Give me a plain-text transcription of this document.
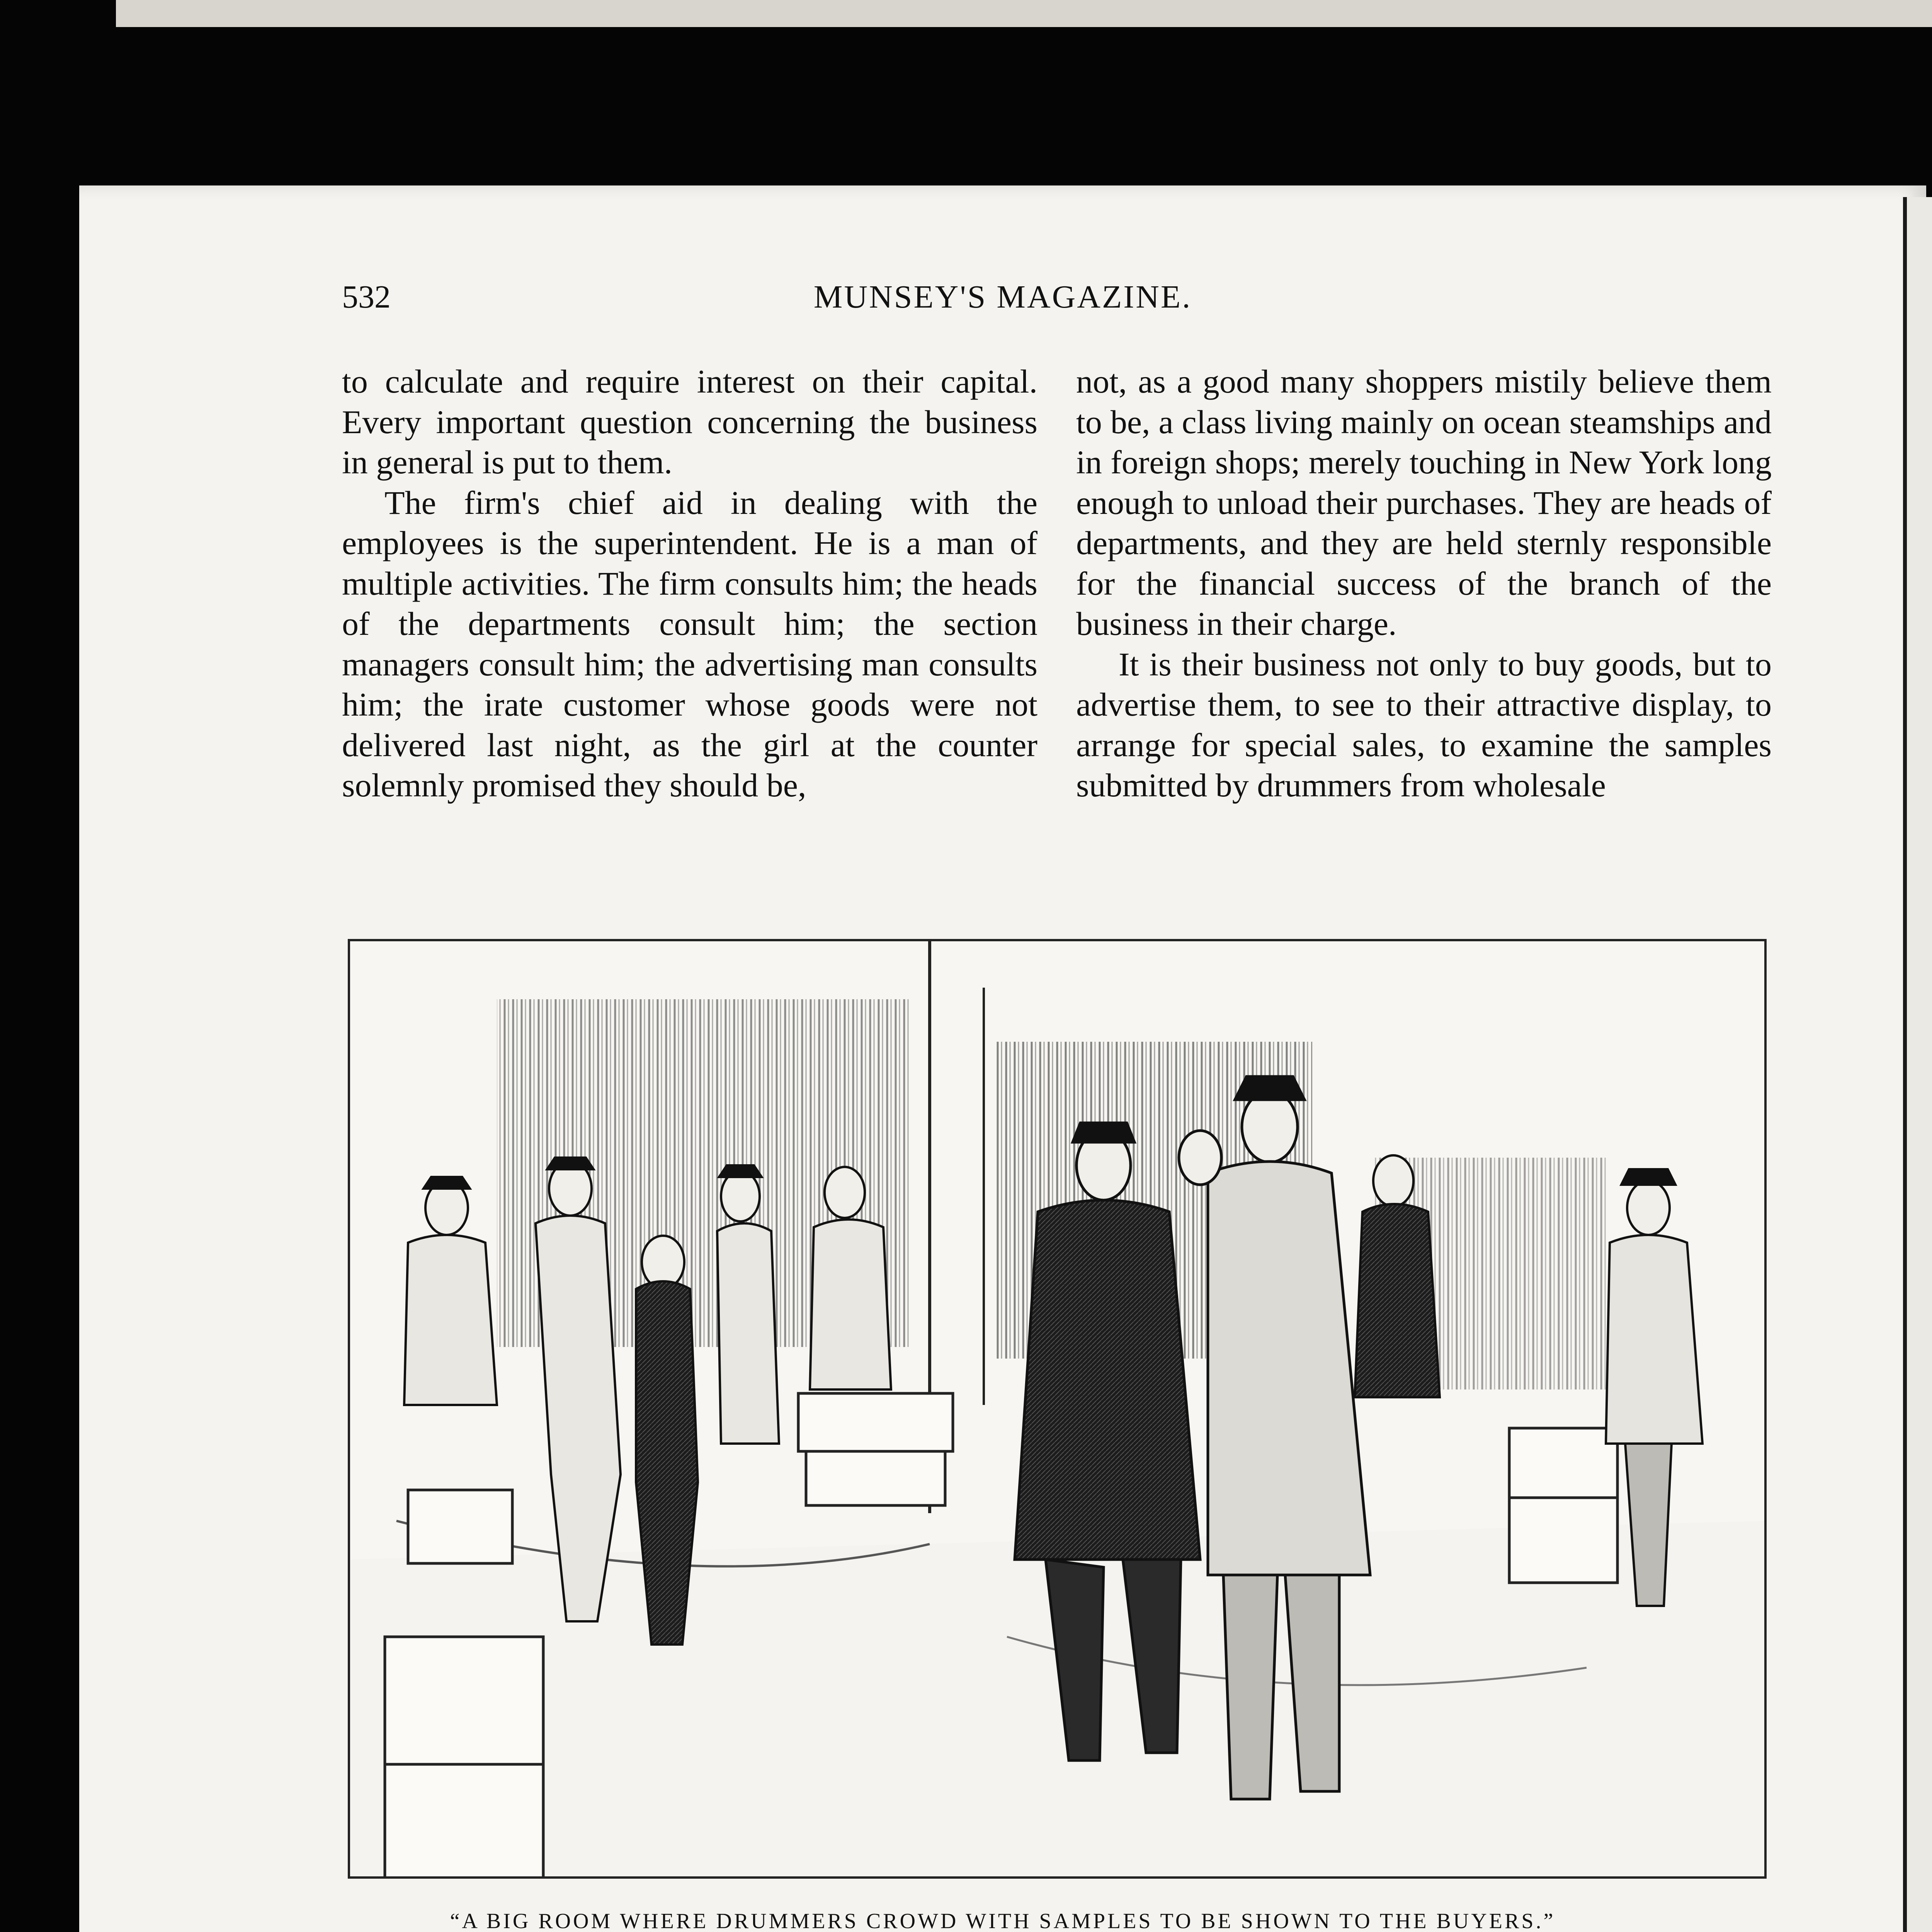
532	MUNSEY'S MAGAZINE.

to calculate and require interest on their capital. Every important question concerning the business in general is put to them.

The firm's chief aid in dealing with the employees is the superintendent. He is a man of multiple activities. The firm consults him; the heads of the departments consult him; the section managers consult him; the advertising man consults him; the irate customer whose goods were not delivered last night, as the girl at the counter solemnly promised they should be,

not, as a good many shoppers mistily believe them to be, a class living mainly on ocean steamships and in foreign shops; merely touching in New York long enough to unload their purchases. They are heads of departments, and they are held sternly responsible for the financial success of the branch of the business in their charge.

It is their business not only to buy goods, but to advertise them, to see to their attractive display, to arrange for special sales, to examine the samples submitted by drummers from wholesale

“A BIG ROOM WHERE DRUMMERS CROWD WITH SAMPLES TO BE SHOWN TO THE BUYERS.”
